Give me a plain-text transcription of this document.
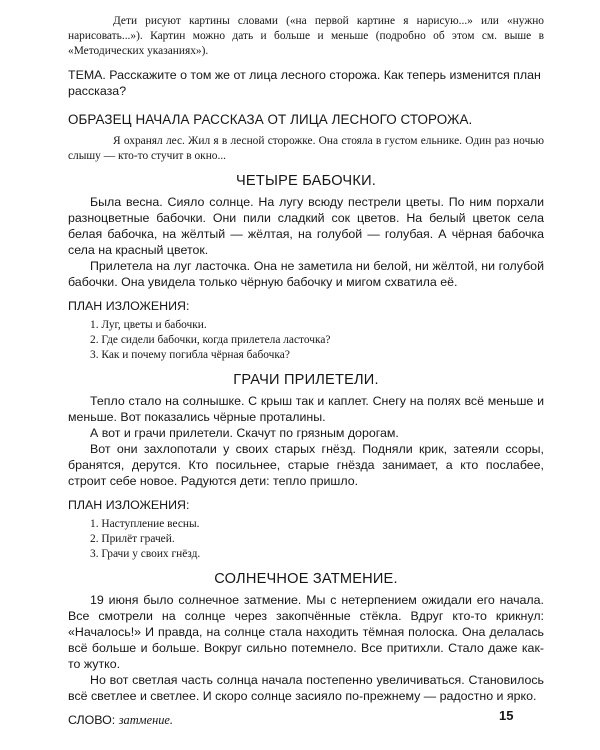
Дети рисуют картины словами («на первой картине я нарисую...» или «нужно нарисовать...»). Картин можно дать и больше и меньше (подробно об этом см. выше в «Методических указаниях»).

ТЕМА. Расскажите о том же от лица лесного сторожа. Как теперь изменится план рассказа?

ОБРАЗЕЦ НАЧАЛА РАССКАЗА ОТ ЛИЦА ЛЕСНОГО СТОРОЖА.

Я охранял лес. Жил я в лесной сторожке. Она стояла в густом ельнике. Один раз ночью слышу — кто-то стучит в окно...

ЧЕТЫРЕ БАБОЧКИ.

Была весна. Сияло солнце. На лугу всюду пестрели цветы. По ним порхали разноцветные бабочки. Они пили сладкий сок цветов. На белый цветок села белая бабочка, на жёлтый — жёлтая, на голубой — голубая. А чёрная бабочка села на красный цветок.

Прилетела на луг ласточка. Она не заметила ни белой, ни жёлтой, ни голубой бабочки. Она увидела только чёрную бабочку и мигом схватила её.

ПЛАН ИЗЛОЖЕНИЯ:

1. Луг, цветы и бабочки.
2. Где сидели бабочки, когда прилетела ласточка?
3. Как и почему погибла чёрная бабочка?

ГРАЧИ ПРИЛЕТЕЛИ.

Тепло стало на солнышке. С крыш так и каплет. Снегу на полях всё меньше и меньше. Вот показались чёрные проталины.

А вот и грачи прилетели. Скачут по грязным дорогам.

Вот они захлопотали у своих старых гнёзд. Подняли крик, затеяли ссоры, бранятся, дерутся. Кто посильнее, старые гнёзда занимает, а кто послабее, строит себе новое. Радуются дети: тепло пришло.

ПЛАН ИЗЛОЖЕНИЯ:

1. Наступление весны.
2. Прилёт грачей.
3. Грачи у своих гнёзд.

СОЛНЕЧНОЕ ЗАТМЕНИЕ.

19 июня было солнечное затмение. Мы с нетерпением ожидали его начала. Все смотрели на солнце через закопчённые стёкла. Вдруг кто-то крикнул: «Началось!» И правда, на солнце стала находить тёмная полоска. Она делалась всё больше и больше. Вокруг сильно потемнело. Все притихли. Стало даже как-то жутко.

Но вот светлая часть солнца начала постепенно увеличиваться. Становилось всё светлее и светлее. И скоро солнце засияло по-прежнему — радостно и ярко.

СЛОВО: затмение.	15
